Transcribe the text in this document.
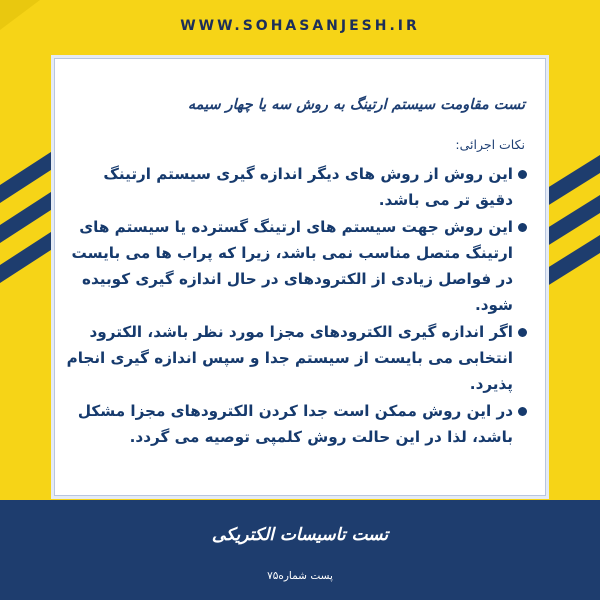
WWW.SOHASANJESH.IR
تست مقاومت سیستم ارتینگ به روش سه یا چهار سیمه
نکات اجرائی:
این روش از روش های دیگر اندازه گیری سیستم ارتینگ دقیق تر می باشد.
این روش جهت سیستم های ارتینگ گسترده یا سیستم های ارتینگ متصل مناسب نمی باشد، زیرا که پراب ها می بایست در فواصل زیادی از الکترودهای در حال اندازه گیری کوبیده شود.
اگر اندازه گیری الکترودهای مجزا مورد نظر باشد، الکترود انتخابی می بایست از سیستم جدا و سپس اندازه گیری انجام پذیرد.
در این روش ممکن است جدا کردن الکترودهای مجزا مشکل باشد، لذا در این حالت روش کلمپی توصیه می گردد.
تست تاسیسات الکتریکی
پست شماره۷۵
